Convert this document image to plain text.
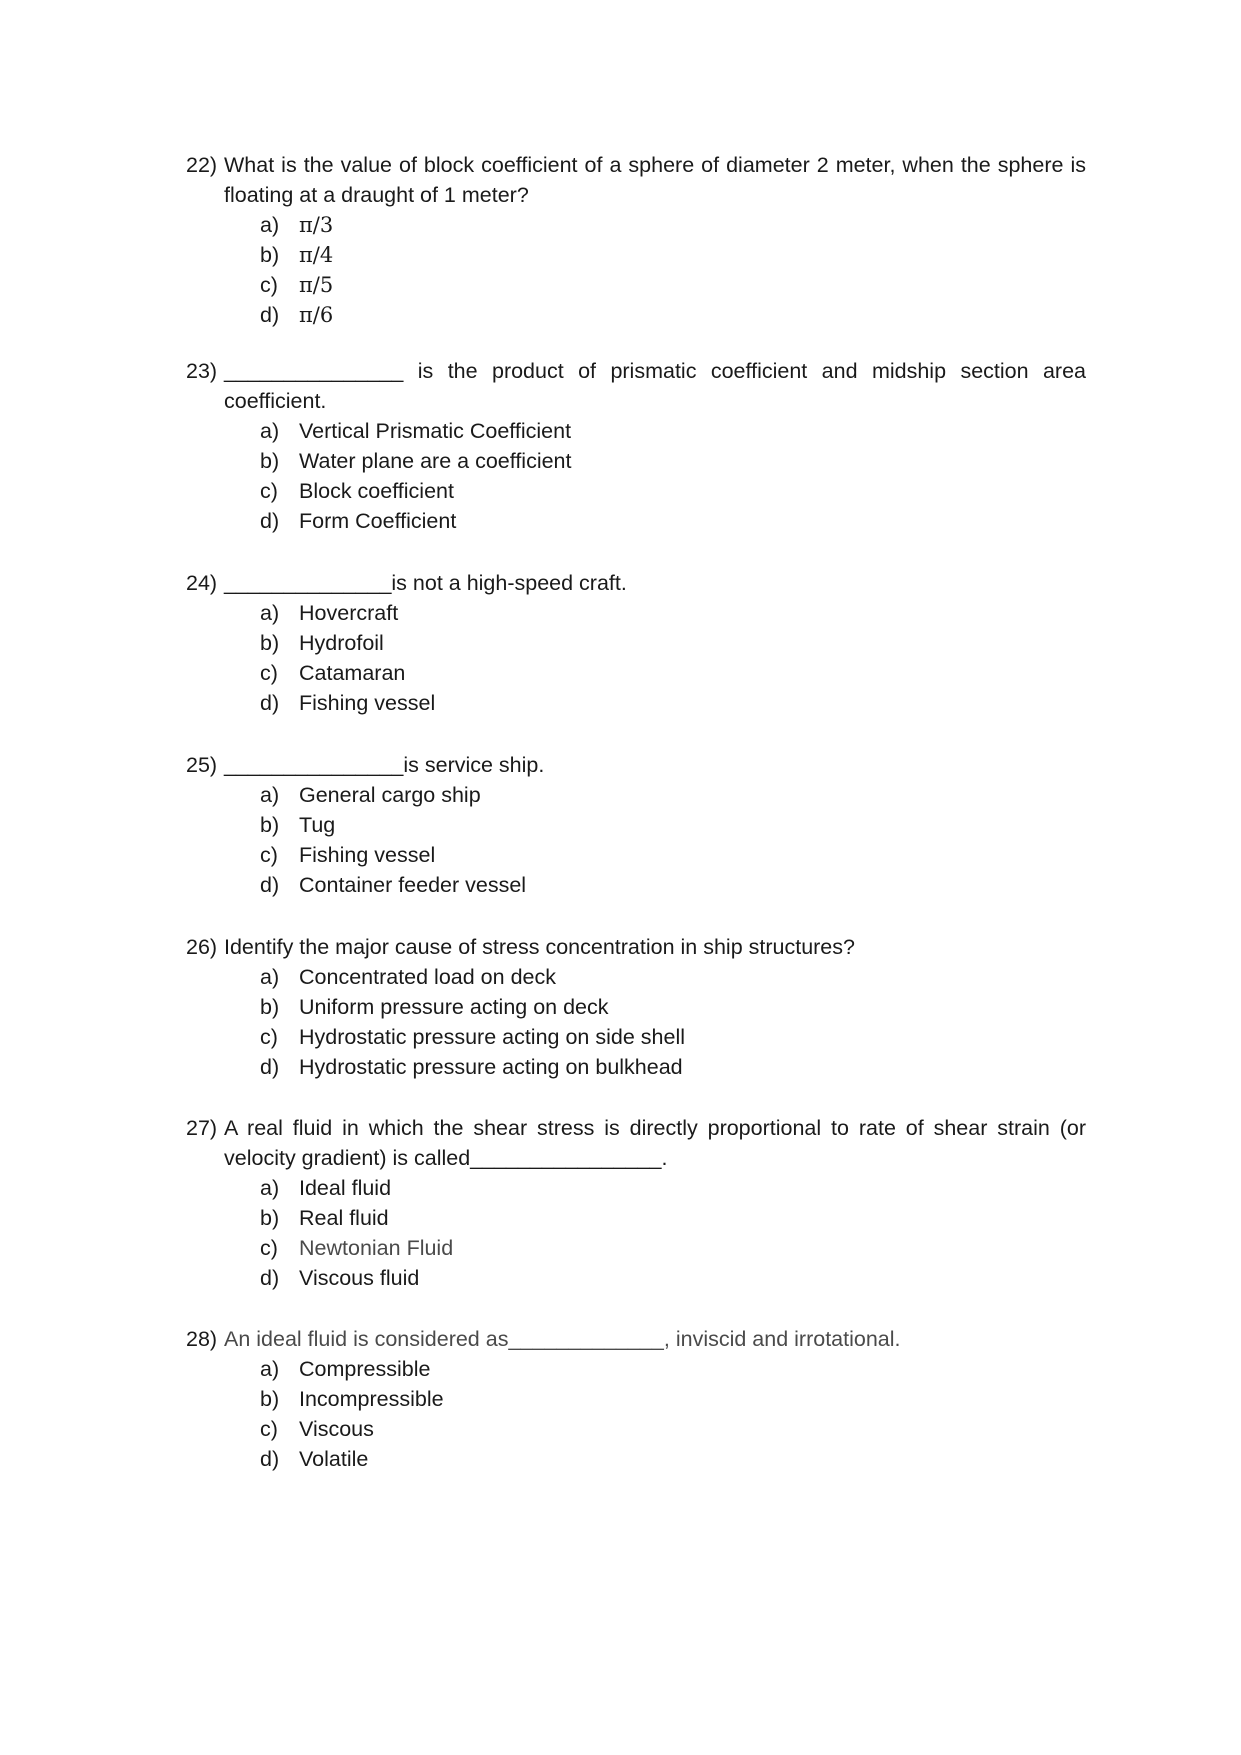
22) What is the value of block coefficient of a sphere of diameter 2 meter, when the sphere is floating at a draught of 1 meter?
a) π/3
b) π/4
c) π/5
d) π/6
23) _______________ is the product of prismatic coefficient and midship section area coefficient.
a) Vertical Prismatic Coefficient
b) Water plane are a coefficient
c) Block coefficient
d) Form Coefficient
24) ______________is not a high-speed craft.
a) Hovercraft
b) Hydrofoil
c) Catamaran
d) Fishing vessel
25) _______________is service ship.
a) General cargo ship
b) Tug
c) Fishing vessel
d) Container feeder vessel
26) Identify the major cause of stress concentration in ship structures?
a) Concentrated load on deck
b) Uniform pressure acting on deck
c) Hydrostatic pressure acting on side shell
d) Hydrostatic pressure acting on bulkhead
27) A real fluid in which the shear stress is directly proportional to rate of shear strain (or velocity gradient) is called________________.
a) Ideal fluid
b) Real fluid
c) Newtonian Fluid
d) Viscous fluid
28) An ideal fluid is considered as_____________, inviscid and irrotational.
a) Compressible
b) Incompressible
c) Viscous
d) Volatile
